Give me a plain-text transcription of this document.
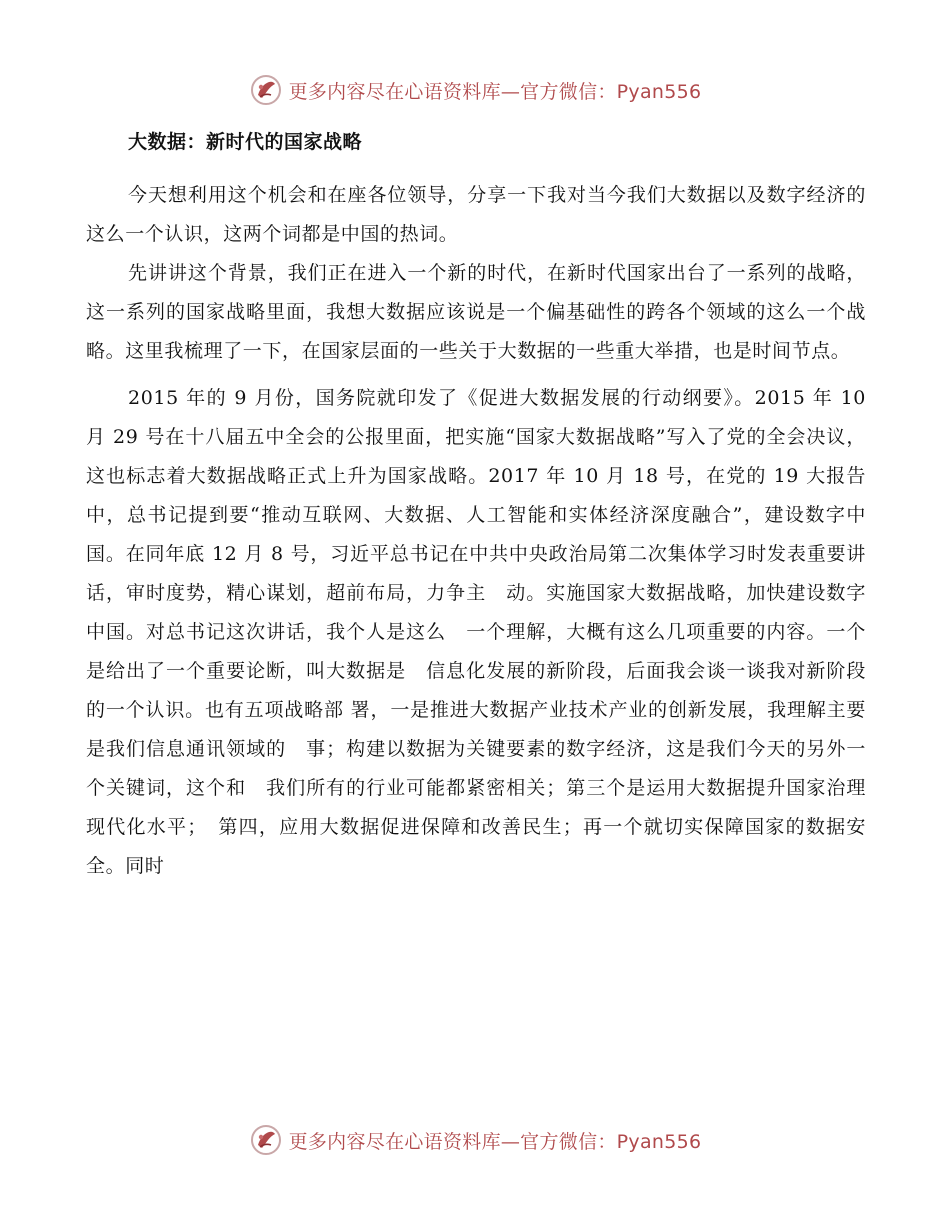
更多内容尽在心语资料库—官方微信：Pyan556
大数据：新时代的国家战略

今天想利用这个机会和在座各位领导，分享一下我对当今我们大数据以及数字经济的这么一个认识，这两个词都是中国的热词。

先讲讲这个背景，我们正在进入一个新的时代，在新时代国家出台了一系列的战略，这一系列的国家战略里面，我想大数据应该说是一个偏基础性的跨各个领域的这么一个战略。这里我梳理了一下，在国家层面的一些关于大数据的一些重大举措，也是时间节点。

2015 年的 9 月份，国务院就印发了《促进大数据发展的行动纲要》。2015 年 10 月 29 号在十八届五中全会的公报里面，把实施“国家大数据战略”写入了党的全会决议，这也标志着大数据战略正式上升为国家战略。2017 年 10 月 18 号，在党的 19 大报告中，总书记提到要“推动互联网、大数据、人工智能和实体经济深度融合”，建设数字中国。在同年底 12 月 8 号，习近平总书记在中共中央政治局第二次集体学习时发表重要讲话，审时度势，精心谋划，超前布局，力争主　动。实施国家大数据战略，加快建设数字中国。对总书记这次讲话，我个人是这么　一个理解，大概有这么几项重要的内容。一个是给出了一个重要论断，叫大数据是　信息化发展的新阶段，后面我会谈一谈我对新阶段的一个认识。也有五项战略部 署，一是推进大数据产业技术产业的创新发展，我理解主要是我们信息通讯领域的　事；构建以数据为关键要素的数字经济，这是我们今天的另外一个关键词，这个和　我们所有的行业可能都紧密相关；第三个是运用大数据提升国家治理现代化水平；　第四，应用大数据促进保障和改善民生；再一个就切实保障国家的数据安全。同时

更多内容尽在心语资料库—官方微信：Pyan556
